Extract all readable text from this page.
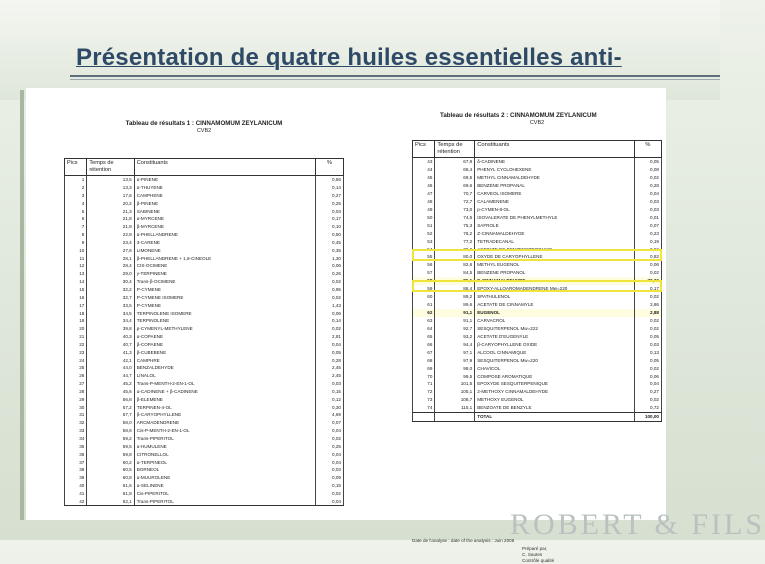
Présentation de quatre huiles essentielles anti-
Tableau de résultats 1 : CINNAMOMUM ZEYLANICUM
CVB2
Pics	Temps de rétention	Constituants	%
1	13,5	α-PINENE	0,56
2	13,3	α-THUYENE	0,14
3	17,6	CAMPHENE	0,27
4	20,2	β-PINENE	0,25
5	21,3	SABINENE	0,03
6	21,8	α-MYRCENE	0,17
7	21,9	β-MYRCENE	0,10
8	22,9	α-PHELLANDRENE	0,50
9	23,4	3-CARENE	0,45
10	27,6	LIMONENE	0,35
11	28,1	β-PHELLANDRENE + 1,8-CINEOLE	1,30
12	28,4	CIS-OCIMENE	0,06
13	29,0	γ-TERPINENE	0,26
14	30,4	Trans-β-OCIMENE	0,02
15	32,2	P-CYMENE	0,95
16	32,7	P-CYMENE ISOMERE	0,02
17	33,5	P-CYMENE	1,43
18	34,5	TERPINOLENE ISOMERE	0,06
19	34,4	TERPINOLENE	0,14
20	39,8	p-CYMENYL-METHYLENE	0,02
21	40,3	α-COPAENE	2,81
22	40,7	β-COPAENE	0,04
23	41,3	β-CUBEBENE	0,05
24	42,1	CAMPHRE	0,28
25	44,0	BENZALDEHYDE	2,45
26	44,7	LINALOL	2,45
27	45,2	Trans-P-MENTH-2-EN-1-OL	0,03
28	45,6	α-CADINENE + β-CADINENE	0,15
29	56,8	β-ELEMENE	0,12
30	57,2	TERPINEN-4-OL	0,30
31	57,7	β-CARYOPHYLLENE	4,69
32	58,0	ARCMADENDRENE	0,07
33	58,6	Cis-P-MENTH-2-EN-1-OL	0,04
34	59,2	Trans-PIPERITOL	0,02
35	59,5	α-HUMULENE	0,25
36	59,8	CITRONELLOL	0,04
37	60,2	α-TERPINEOL	0,04
38	60,5	BORNEOL	0,03
39	60,8	α-MUUROLENE	0,09
40	61,6	α-SELINENE	0,15
41	61,9	Cis-PIPERITOL	0,02
42	62,1	Trans-PIPERITOL	0,04
Tableau de résultats 2 : CINNAMOMUM ZEYLANICUM
CVB2
Pics	Temps de rétention	Constituants	%
43	67,9	δ-CADINENE	0,05
44	68,4	PHENYL CYCLOHEXENE	0,08
45	69,5	METHYL CINNAMALDEHYDE	0,02
46	69,6	BENZENE PROPANAL	0,28
47	70,7	CARVEOL ISOMERE	0,04
48	72,7	CALAMENENE	0,03
49	73,0	p-CYMEN-8-OL	0,03
50	74,5	ISOVALERATE DE PHENYLMETHYLE	0,01
51	75,3	SAFROLE	0,07
52	76,2	Z-CINNAMALDEHYDE	0,23
53	77,2	TETRADECANAL	0,19
54	79,0	ACETATE DE BENZENEPROPANOL	0,02
55	80,0	OXYDE DE CARYOPHYLLENE	0,82
56	82,6	METHYL EUGENOL	0,06
57	84,5	BENZENE PROPANOL	0,02
58	85,1	E-CINNAMALDEHYDE	73,36
59	86,4	EPOXY-ALLOAROMADENDRENE Mw=220	0,17
60	89,2	SPATHULENOL	0,02
61	89,6	ACETATE DE CINNAMYLE	3,86
62	91,1	EUGENOL	2,88
63	91,1	CARVACROL	0,02
64	92,7	SESQUITERPENOL Mw=222	0,02
65	93,2	ACETATE D'EUGENYLE	0,05
66	94,4	β-CARYOPHYLLENE OXIDE	0,03
67	97,1	ALCOOL CINNAMIQUE	0,13
68	97,9	SESQUITERPENOL Mw=220	0,05
69	98,0	CHAVICOL	0,02
70	99,5	COMPOSE AROMATIQUE	0,06
71	101,5	EPOXYDE SESQUITERPENIQUE	0,04
72	105,1	2-METHOXY CINNAMALDEHYDE	0,27
73	108,7	METHOXY EUGENOL	0,02
74	115,1	BENZOATE DE BENZYLE	0,72
		TOTAL	100,00
Date de l'analyse : date of the analysis : Juin 2006
Préparé par,
C. Sautes
Contrôle qualité
ROBERT & FILS
